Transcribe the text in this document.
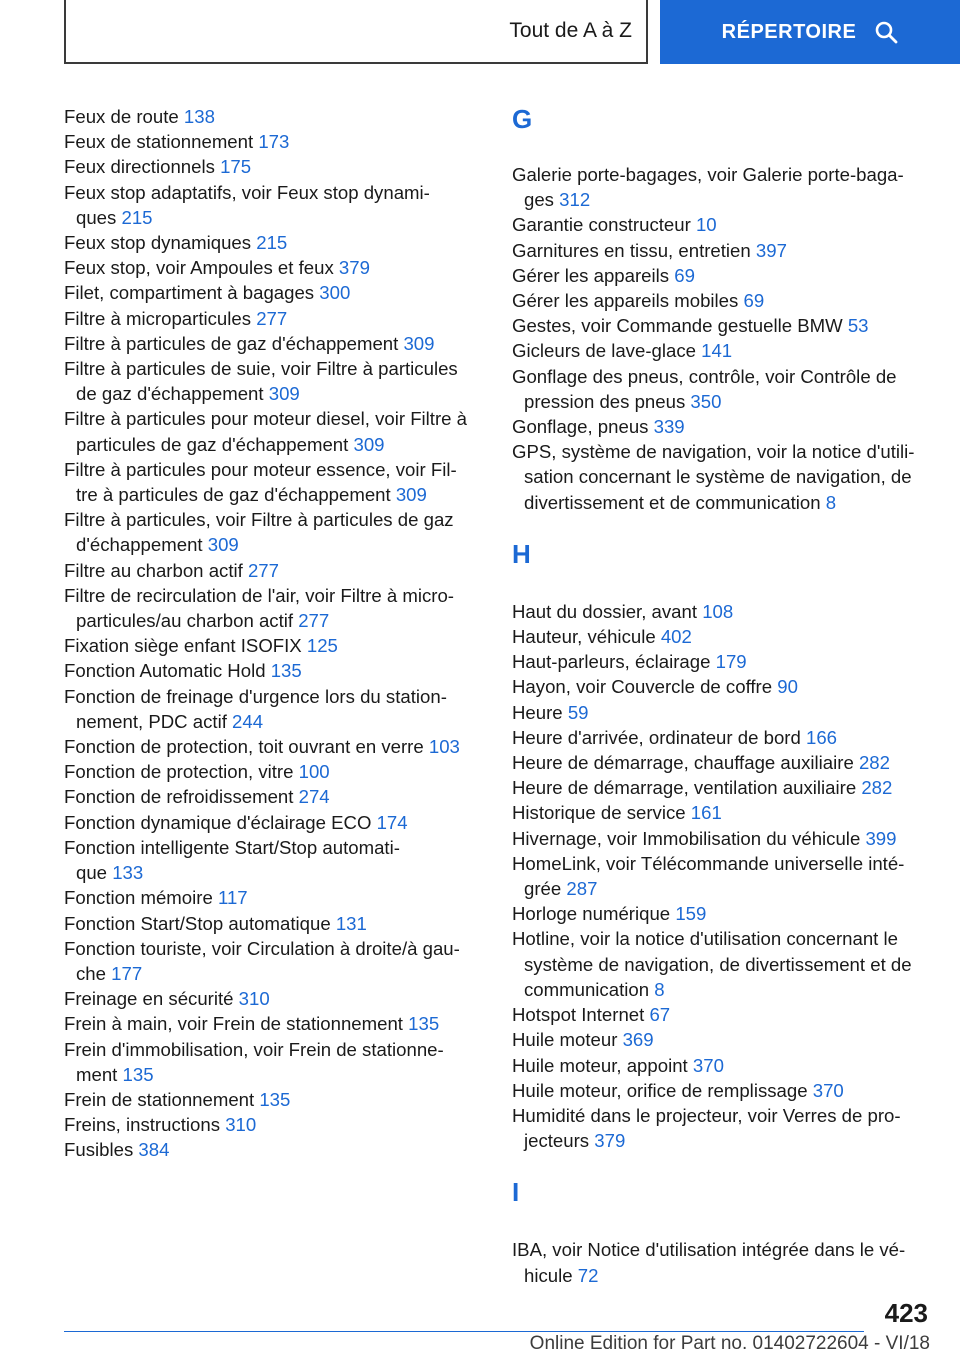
Tout de A à Z	RÉPERTOIRE

Feux de route 138

Feux de stationnement 173

Feux directionnels 175

Feux stop adaptatifs, voir Feux stop dynami‐
ques 215

Feux stop dynamiques 215

Feux stop, voir Ampoules et feux 379

Filet, compartiment à bagages 300

Filtre à microparticules 277

Filtre à particules de gaz d'échappement 309

Filtre à particules de suie, voir Filtre à particules
de gaz d'échappement 309

Filtre à particules pour moteur diesel, voir Filtre à
particules de gaz d'échappement 309

Filtre à particules pour moteur essence, voir Fil‐
tre à particules de gaz d'échappement 309

Filtre à particules, voir Filtre à particules de gaz
d'échappement 309

Filtre au charbon actif 277

Filtre de recirculation de l'air, voir Filtre à micro‐
particules/au charbon actif 277

Fixation siège enfant ISOFIX 125

Fonction Automatic Hold 135

Fonction de freinage d'urgence lors du station‐
nement, PDC actif 244

Fonction de protection, toit ouvrant en verre 103

Fonction de protection, vitre 100

Fonction de refroidissement 274

Fonction dynamique d'éclairage ECO 174

Fonction intelligente Start/Stop automati‐
que 133

Fonction mémoire 117

Fonction Start/Stop automatique 131

Fonction touriste, voir Circulation à droite/à gau‐
che 177

Freinage en sécurité 310

Frein à main, voir Frein de stationnement 135

Frein d'immobilisation, voir Frein de stationne‐
ment 135

Frein de stationnement 135

Freins, instructions 310

Fusibles 384

G

Galerie porte-bagages, voir Galerie porte-baga‐
ges 312

Garantie constructeur 10

Garnitures en tissu, entretien 397

Gérer les appareils 69

Gérer les appareils mobiles 69

Gestes, voir Commande gestuelle BMW 53

Gicleurs de lave-glace 141

Gonflage des pneus, contrôle, voir Contrôle de
pression des pneus 350

Gonflage, pneus 339

GPS, système de navigation, voir la notice d'utili‐
sation concernant le système de navigation, de
divertissement et de communication 8

H

Haut du dossier, avant 108

Hauteur, véhicule 402

Haut-parleurs, éclairage 179

Hayon, voir Couvercle de coffre 90

Heure 59

Heure d'arrivée, ordinateur de bord 166

Heure de démarrage, chauffage auxiliaire 282

Heure de démarrage, ventilation auxiliaire 282

Historique de service 161

Hivernage, voir Immobilisation du véhicule 399

HomeLink, voir Télécommande universelle inté‐
grée 287

Horloge numérique 159

Hotline, voir la notice d'utilisation concernant le
système de navigation, de divertissement et de
communication 8

Hotspot Internet 67

Huile moteur 369

Huile moteur, appoint 370

Huile moteur, orifice de remplissage 370

Humidité dans le projecteur, voir Verres de pro‐
jecteurs 379

I

IBA, voir Notice d'utilisation intégrée dans le vé‐
hicule 72

423
Online Edition for Part no. 01402722604 - VI/18
